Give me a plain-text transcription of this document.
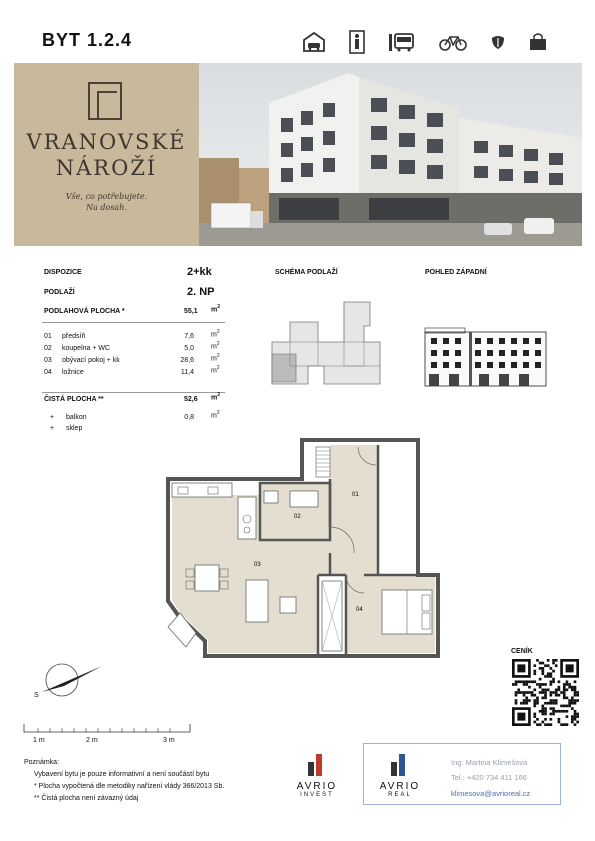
BYT 1.2.4
VRANOVSKÉ
NÁROŽÍ
Vše, co potřebujete.
Na dosah.
DISPOZICE	2+kk
PODLAŽÍ	2. NP
PODLAHOVÁ PLOCHA *	55,1 $m^2$
01 předsíň	7,6 $m^2$
02 koupelna + WC	5,0 $m^2$
03 obývací pokoj + kk	28,6 $m^2$
04 ložnice	11,4 $m^2$
ČISTÁ PLOCHA **	52,6 $m^2$
+ balkon	0,8 $m^2$
+ sklep
SCHÉMA PODLAŽÍ	POHLED ZÁPADNÍ
01
02
03
04
S
1 m	2 m	3 m
CENÍK
Poznámka:
Vybavení bytu je pouze informativní a není součástí bytu
* Plocha vypočtená dle metodiky nařízení vlády 366/2013 Sb.
** Čistá plocha není závazný údaj
AVRIO
INVEST
AVRIO
REAL
Ing. Martina Klimešová
Tel.: +420 734 411 166
klimesova@avrioreal.cz
